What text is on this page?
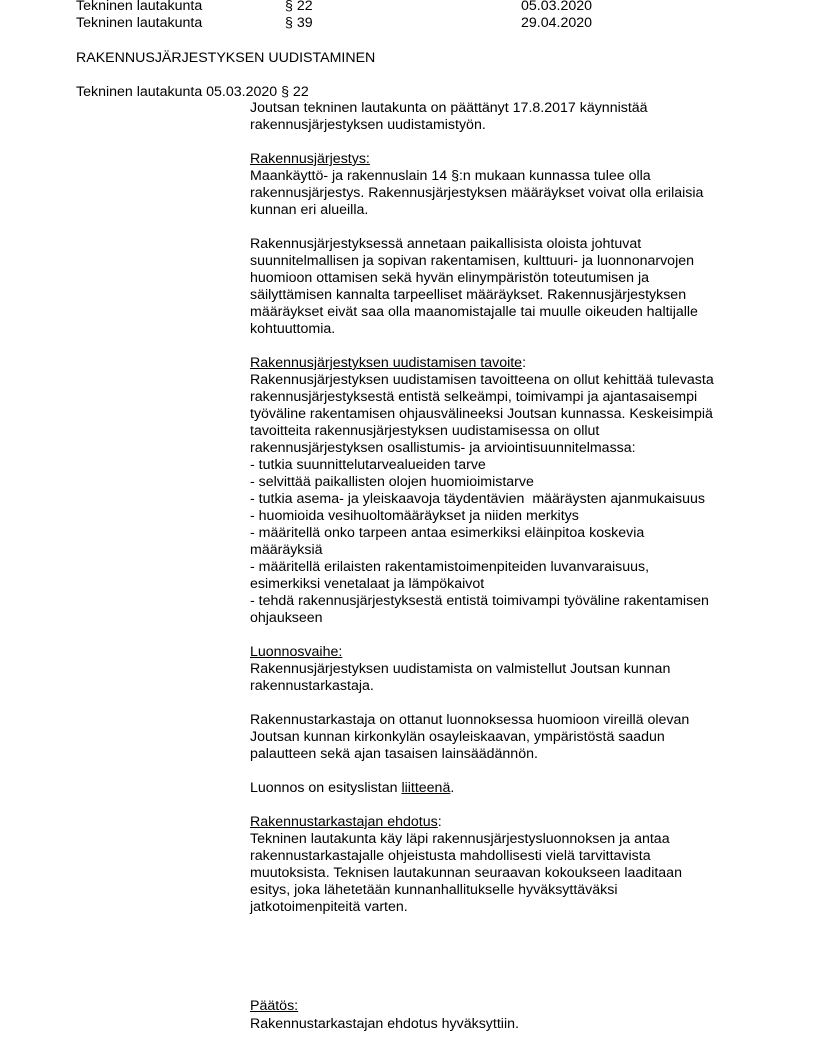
Tekninen lautakunta	§ 22	05.03.2020
Tekninen lautakunta	§ 39	29.04.2020
RAKENNUSJÄRJESTYKSEN UUDISTAMINEN
Tekninen lautakunta 05.03.2020 § 22
Joutsan tekninen lautakunta on päättänyt 17.8.2017 käynnistää
rakennusjärjestyksen uudistamistyön.
Rakennusjärjestys:
Maankäyttö- ja rakennuslain 14 §:n mukaan kunnassa tulee olla
rakennusjärjestys. Rakennusjärjestyksen määräykset voivat olla erilaisia
kunnan eri alueilla.
Rakennusjärjestyksessä annetaan paikallisista oloista johtuvat
suunnitelmallisen ja sopivan rakentamisen, kulttuuri- ja luonnonarvojen
huomioon ottamisen sekä hyvän elinympäristön toteutumisen ja
säilyttämisen kannalta tarpeelliset määräykset. Rakennusjärjestyksen
määräykset eivät saa olla maanomistajalle tai muulle oikeuden haltijalle
kohtuuttomia.
Rakennusjärjestyksen uudistamisen tavoite:
Rakennusjärjestyksen uudistamisen tavoitteena on ollut kehittää tulevasta
rakennusjärjestyksestä entistä selkeämpi, toimivampi ja ajantasaisempi
työväline rakentamisen ohjausvälineeksi Joutsan kunnassa. Keskeisimpiä
tavoitteita rakennusjärjestyksen uudistamisessa on ollut
rakennusjärjestyksen osallistumis- ja arviointisuunnitelmassa:
- tutkia suunnittelutarvealueiden tarve
- selvittää paikallisten olojen huomioimistarve
- tutkia asema- ja yleiskaavoja täydentävien  määräysten ajanmukaisuus
- huomioida vesihuoltomääräykset ja niiden merkitys
- määritellä onko tarpeen antaa esimerkiksi eläinpitoa koskevia
määräyksiä
- määritellä erilaisten rakentamistoimenpiteiden luvanvaraisuus,
esimerkiksi venetalaat ja lämpökaivot
- tehdä rakennusjärjestyksestä entistä toimivampi työväline rakentamisen
ohjaukseen
Luonnosvaihe:
Rakennusjärjestyksen uudistamista on valmistellut Joutsan kunnan
rakennustarkastaja.
Rakennustarkastaja on ottanut luonnoksessa huomioon vireillä olevan
Joutsan kunnan kirkonkylän osayleiskaavan, ympäristöstä saadun
palautteen sekä ajan tasaisen lainsäädännön.
Luonnos on esityslistan liitteenä.
Rakennustarkastajan ehdotus:
Tekninen lautakunta käy läpi rakennusjärjestysluonnoksen ja antaa
rakennustarkastajalle ohjeistusta mahdollisesti vielä tarvittavista
muutoksista. Teknisen lautakunnan seuraavan kokoukseen laaditaan
esitys, joka lähetetään kunnanhallitukselle hyväksyttäväksi
jatkotoimenpiteitä varten.
Päätös:
Rakennustarkastajan ehdotus hyväksyttiin.
